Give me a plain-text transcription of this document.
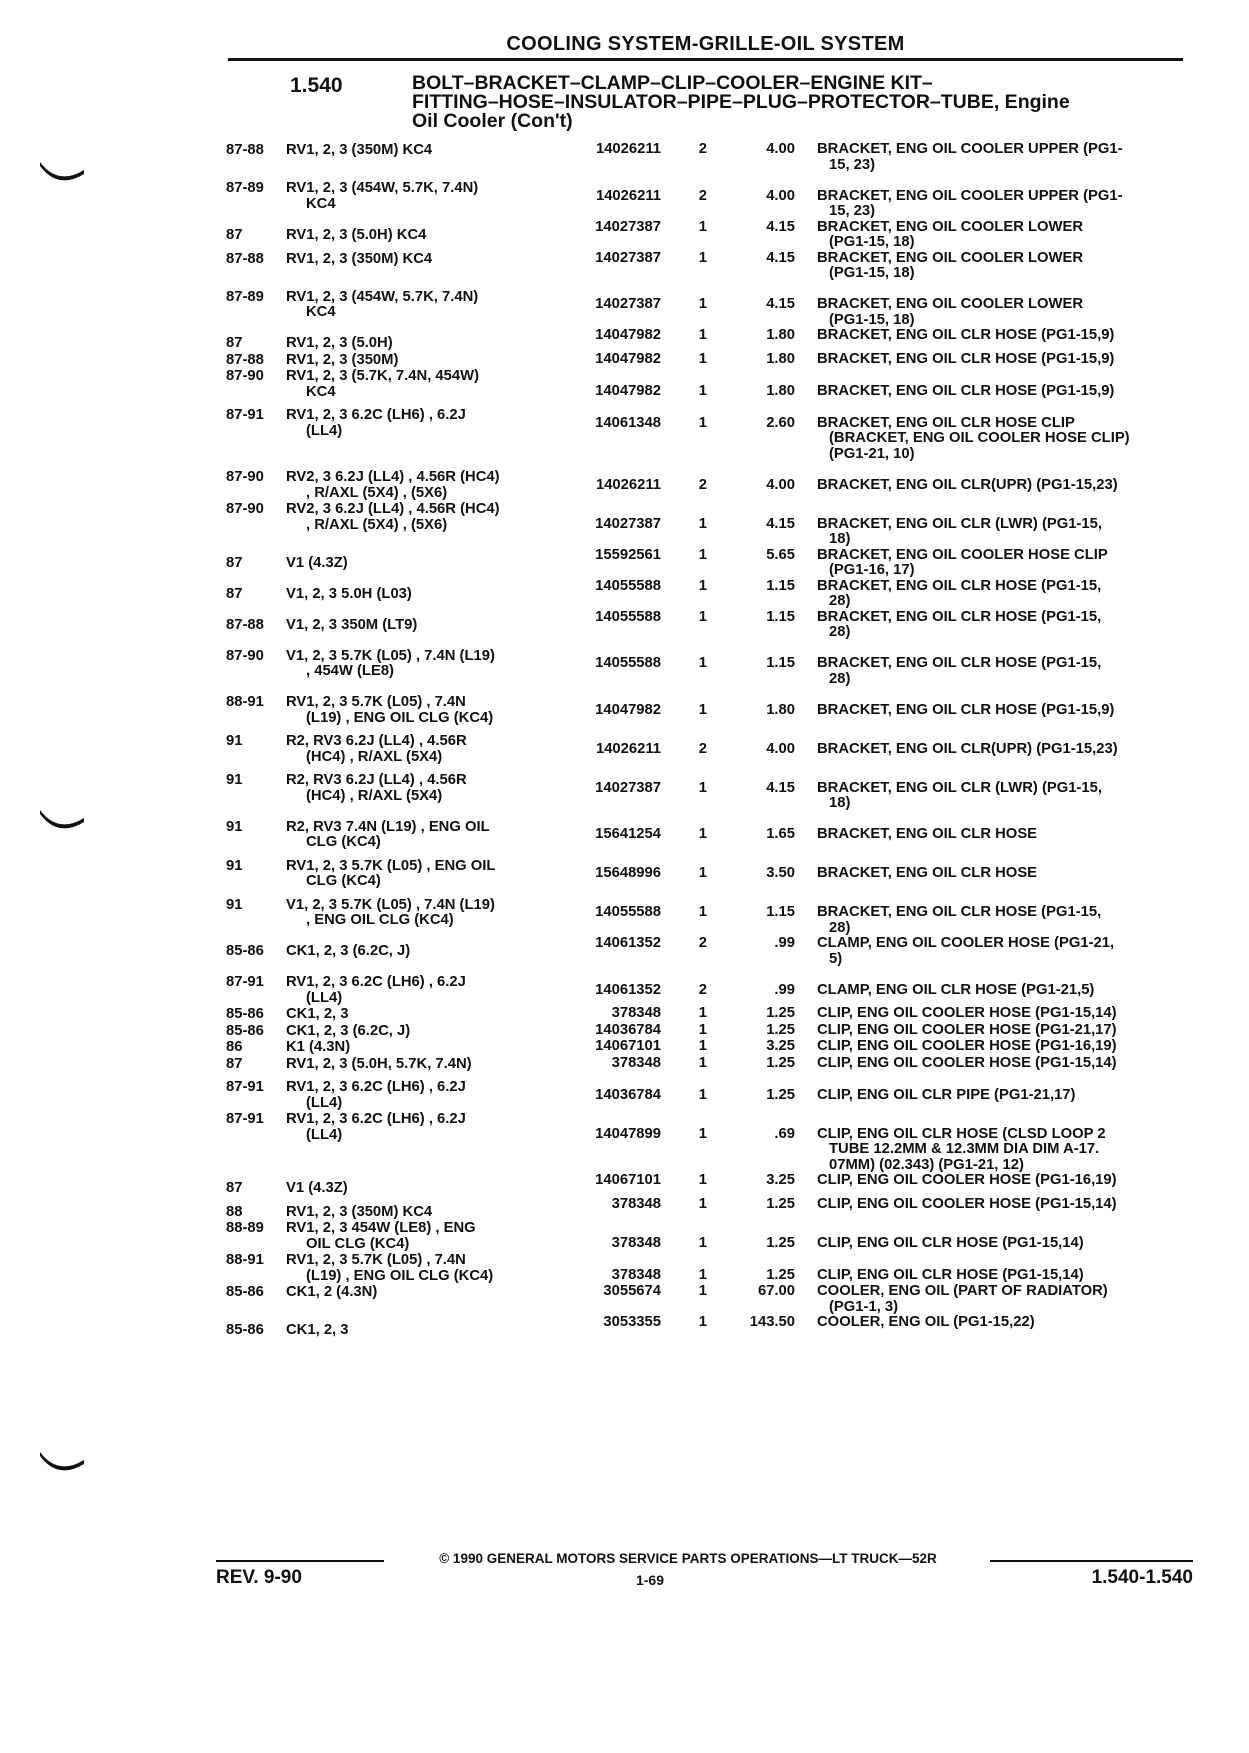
COOLING SYSTEM-GRILLE-OIL SYSTEM
1.540	BOLT–BRACKET–CLAMP–CLIP–COOLER–ENGINE KIT–
FITTING–HOSE–INSULATOR–PIPE–PLUG–PROTECTOR–TUBE, Engine
Oil Cooler (Con't)
87-88	RV1, 2, 3 (350M) KC4	14026211	2	4.00	BRACKET, ENG OIL COOLER UPPER (PG1-
15, 23)

87-89	RV1, 2, 3 (454W, 5.7K, 7.4N)
KC4	14026211	2	4.00	BRACKET, ENG OIL COOLER UPPER (PG1-
15, 23)

87	RV1, 2, 3 (5.0H) KC4	14027387	1	4.15	BRACKET, ENG OIL COOLER LOWER
(PG1-15, 18)

87-88	RV1, 2, 3 (350M) KC4	14027387	1	4.15	BRACKET, ENG OIL COOLER LOWER
(PG1-15, 18)

87-89	RV1, 2, 3 (454W, 5.7K, 7.4N)
KC4	14027387	1	4.15	BRACKET, ENG OIL COOLER LOWER
(PG1-15, 18)

87	RV1, 2, 3 (5.0H)	14047982	1	1.80	BRACKET, ENG OIL CLR HOSE (PG1-15,9)

87-88	RV1, 2, 3 (350M)	14047982	1	1.80	BRACKET, ENG OIL CLR HOSE (PG1-15,9)

87-90	RV1, 2, 3 (5.7K, 7.4N, 454W)
KC4	14047982	1	1.80	BRACKET, ENG OIL CLR HOSE (PG1-15,9)

87-91	RV1, 2, 3 6.2C (LH6) , 6.2J
(LL4)	14061348	1	2.60	BRACKET, ENG OIL CLR HOSE CLIP
(BRACKET, ENG OIL COOLER HOSE CLIP)
(PG1-21, 10)

87-90	RV2, 3 6.2J (LL4) , 4.56R (HC4)
, R/AXL (5X4) , (5X6)	14026211	2	4.00	BRACKET, ENG OIL CLR(UPR) (PG1-15,23)

87-90	RV2, 3 6.2J (LL4) , 4.56R (HC4)
, R/AXL (5X4) , (5X6)	14027387	1	4.15	BRACKET, ENG OIL CLR (LWR) (PG1-15,
18)

87	V1 (4.3Z)	15592561	1	5.65	BRACKET, ENG OIL COOLER HOSE CLIP
(PG1-16, 17)

87	V1, 2, 3 5.0H (L03)	14055588	1	1.15	BRACKET, ENG OIL CLR HOSE (PG1-15,
28)

87-88	V1, 2, 3 350M (LT9)	14055588	1	1.15	BRACKET, ENG OIL CLR HOSE (PG1-15,
28)

87-90	V1, 2, 3 5.7K (L05) , 7.4N (L19)
, 454W (LE8)	14055588	1	1.15	BRACKET, ENG OIL CLR HOSE (PG1-15,
28)

88-91	RV1, 2, 3 5.7K (L05) , 7.4N
(L19) , ENG OIL CLG (KC4)	14047982	1	1.80	BRACKET, ENG OIL CLR HOSE (PG1-15,9)

91	R2, RV3 6.2J (LL4) , 4.56R
(HC4) , R/AXL (5X4)	14026211	2	4.00	BRACKET, ENG OIL CLR(UPR) (PG1-15,23)

91	R2, RV3 6.2J (LL4) , 4.56R
(HC4) , R/AXL (5X4)	14027387	1	4.15	BRACKET, ENG OIL CLR (LWR) (PG1-15,
18)

91	R2, RV3 7.4N (L19) , ENG OIL
CLG (KC4)	15641254	1	1.65	BRACKET, ENG OIL CLR HOSE

91	RV1, 2, 3 5.7K (L05) , ENG OIL
CLG (KC4)	15648996	1	3.50	BRACKET, ENG OIL CLR HOSE

91	V1, 2, 3 5.7K (L05) , 7.4N (L19)
, ENG OIL CLG (KC4)	14055588	1	1.15	BRACKET, ENG OIL CLR HOSE (PG1-15,
28)

85-86	CK1, 2, 3 (6.2C, J)	14061352	2	.99	CLAMP, ENG OIL COOLER HOSE (PG1-21,
5)

87-91	RV1, 2, 3 6.2C (LH6) , 6.2J
(LL4)	14061352	2	.99	CLAMP, ENG OIL CLR HOSE (PG1-21,5)

85-86	CK1, 2, 3	378348	1	1.25	CLIP, ENG OIL COOLER HOSE (PG1-15,14)

85-86	CK1, 2, 3 (6.2C, J)	14036784	1	1.25	CLIP, ENG OIL COOLER HOSE (PG1-21,17)

86	K1 (4.3N)	14067101	1	3.25	CLIP, ENG OIL COOLER HOSE (PG1-16,19)

87	RV1, 2, 3 (5.0H, 5.7K, 7.4N)	378348	1	1.25	CLIP, ENG OIL COOLER HOSE (PG1-15,14)

87-91	RV1, 2, 3 6.2C (LH6) , 6.2J
(LL4)	14036784	1	1.25	CLIP, ENG OIL CLR PIPE (PG1-21,17)

87-91	RV1, 2, 3 6.2C (LH6) , 6.2J
(LL4)	14047899	1	.69	CLIP, ENG OIL CLR HOSE (CLSD LOOP 2
TUBE 12.2MM & 12.3MM DIA DIM A-17.
07MM) (02.343) (PG1-21, 12)

87	V1 (4.3Z)	14067101	1	3.25	CLIP, ENG OIL COOLER HOSE (PG1-16,19)

88	RV1, 2, 3 (350M) KC4	378348	1	1.25	CLIP, ENG OIL COOLER HOSE (PG1-15,14)

88-89	RV1, 2, 3 454W (LE8) , ENG
OIL CLG (KC4)	378348	1	1.25	CLIP, ENG OIL CLR HOSE (PG1-15,14)

88-91	RV1, 2, 3 5.7K (L05) , 7.4N
(L19) , ENG OIL CLG (KC4)	378348	1	1.25	CLIP, ENG OIL CLR HOSE (PG1-15,14)

85-86	CK1, 2 (4.3N)	3055674	1	67.00	COOLER, ENG OIL (PART OF RADIATOR)
(PG1-1, 3)

85-86	CK1, 2, 3	3053355	1	143.50	COOLER, ENG OIL (PG1-15,22)
© 1990 GENERAL MOTORS SERVICE PARTS OPERATIONS—LT TRUCK—52R
REV. 9-90	1-69	1.540-1.540
